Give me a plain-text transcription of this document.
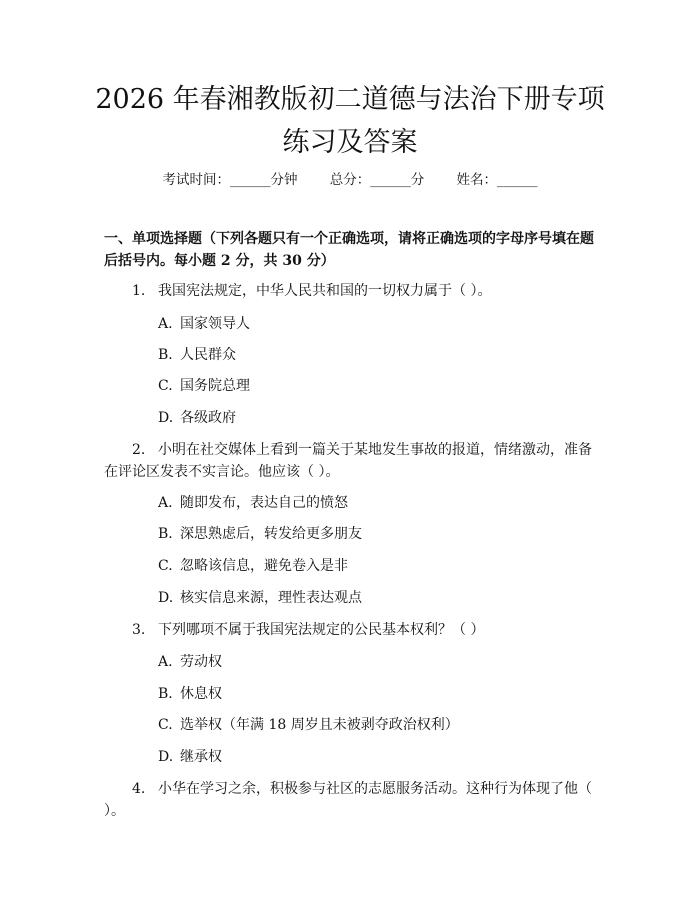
2026 年春湘教版初二道德与法治下册专项练习及答案
考试时间：______分钟 总分：______分 姓名：______

一、单项选择题（下列各题只有一个正确选项，请将正确选项的字母序号填在题后括号内。每小题 2 分，共 30 分）

1. 我国宪法规定，中华人民共和国的一切权力属于（ ）。

A. 国家领导人

B. 人民群众

C. 国务院总理

D. 各级政府

2. 小明在社交媒体上看到一篇关于某地发生事故的报道，情绪激动，准备在评论区发表不实言论。他应该（ ）。

A. 随即发布，表达自己的愤怒

B. 深思熟虑后，转发给更多朋友

C. 忽略该信息，避免卷入是非

D. 核实信息来源，理性表达观点

3. 下列哪项不属于我国宪法规定的公民基本权利？（ ）

A. 劳动权

B. 休息权

C. 选举权（年满 18 周岁且未被剥夺政治权利）

D. 继承权

4. 小华在学习之余，积极参与社区的志愿服务活动。这种行为体现了他（ ）。
